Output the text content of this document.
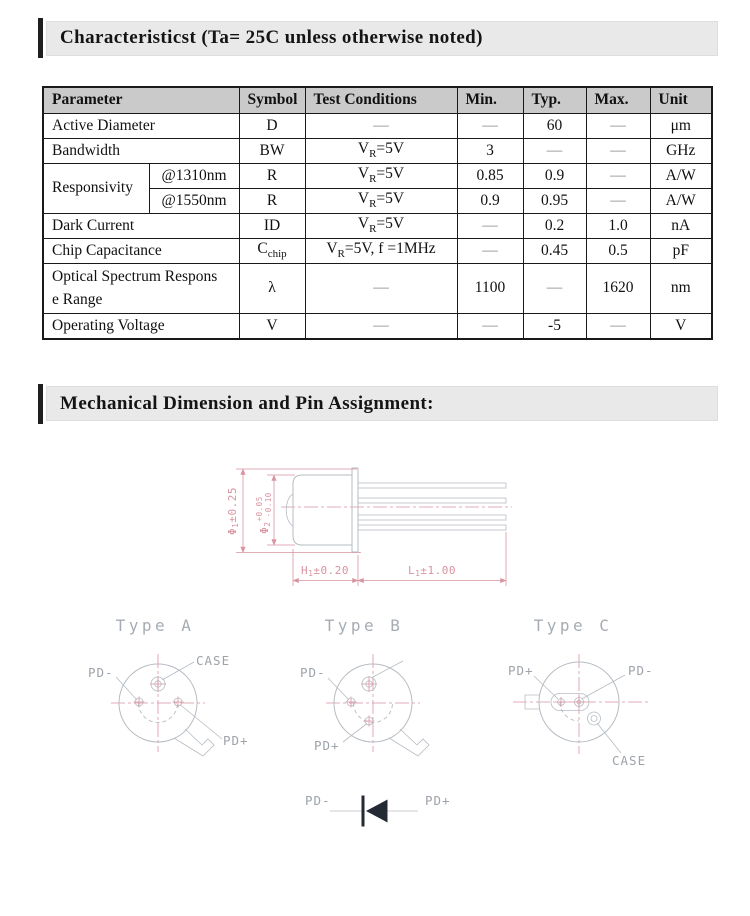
Characteristicst (Ta= 25C unless otherwise noted)
Parameter		Symbol	Test Conditions	Min.	Typ.	Max.	Unit
Active Diameter		D	—	—	60	—	μm
Bandwidth		BW	$V_R=5V$	3	—	—	GHz
Responsivity	@1310nm	R	$V_R=5V$	0.85	0.9	—	A/W
	@1550nm	R	$V_R=5V$	0.9	0.95	—	A/W
Dark Current		ID	$V_R=5V$	—	0.2	1.0	nA
Chip Capacitance		$C_{chip}$	$V_R=5V$, f =1MHz	—	0.45	0.5	pF
Optical Spectrum Response Range		λ	—	1100	—	1620	nm
Operating Voltage		V	—	—	-5	—	V
Mechanical Dimension and Pin Assignment:
Φ1±0.25
$\Phi 2^{+0.05}-0.10$
H1±0.20	L1±1.00
Type A
PD-
CASE
PD+
Type B
PD-
PD+
Type C
PD+	PD-
CASE
PD-	PD+
